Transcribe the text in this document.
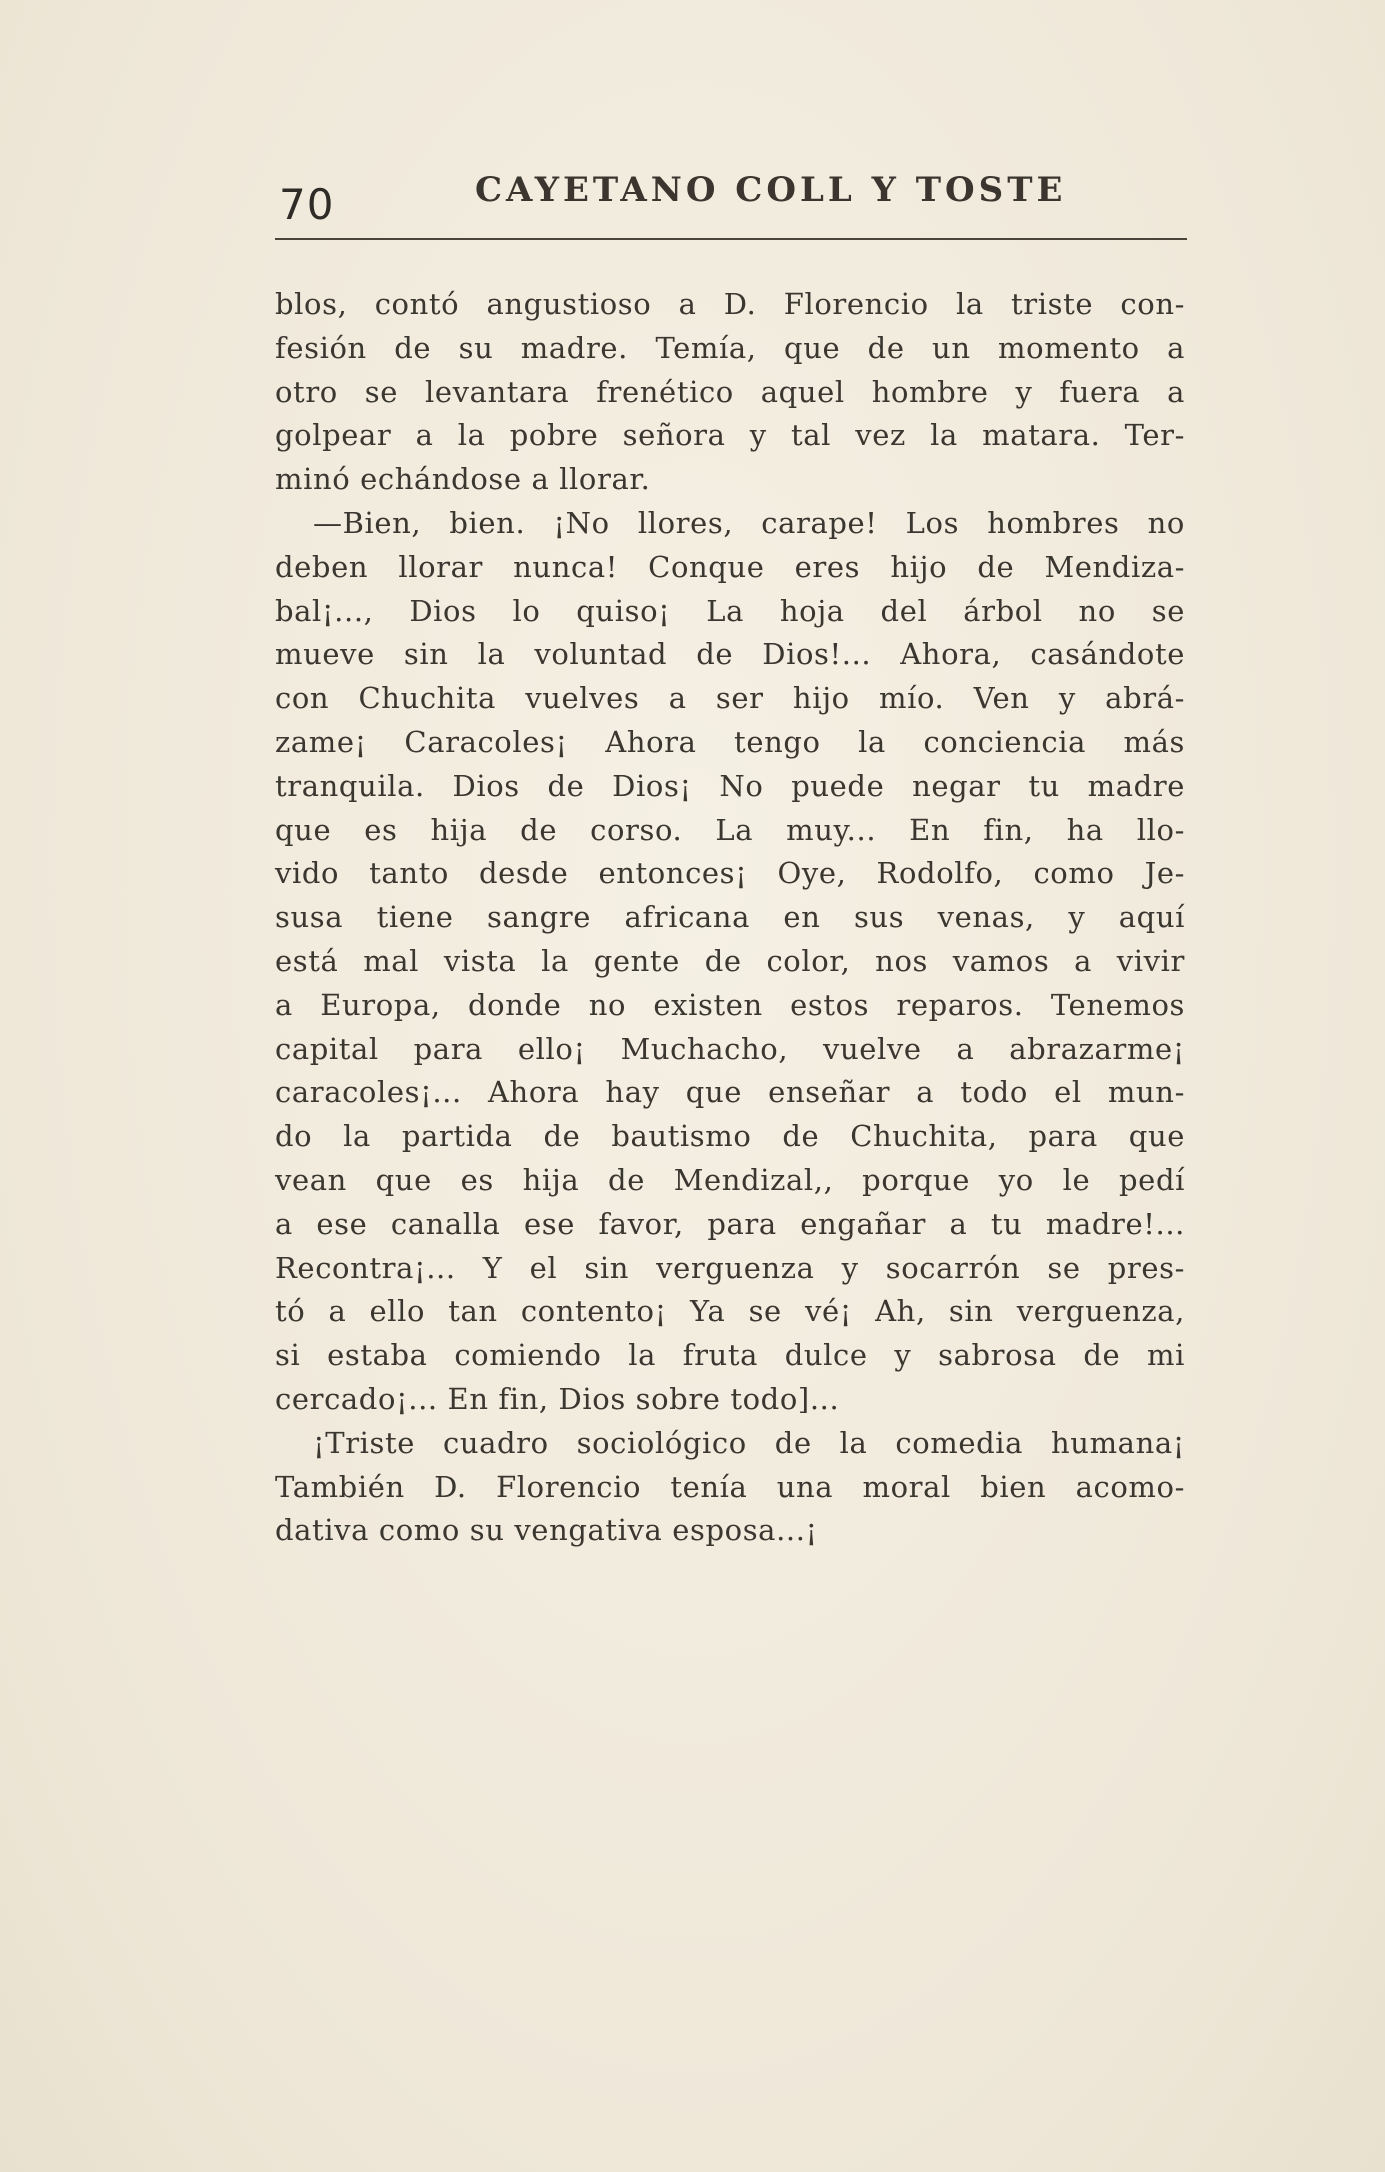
70	CAYETANO COLL Y TOSTE
blos, contó angustioso a D. Florencio la triste con-
fesión de su madre. Temía, que de un momento a
otro se levantara frenético aquel hombre y fuera a
golpear a la pobre señora y tal vez la matara. Ter-
minó echándose a llorar.
—Bien, bien. ¡No llores, carape! Los hombres no
deben llorar nunca! Conque eres hijo de Mendiza-
bal¡..., Dios lo quiso¡ La hoja del árbol no se
mueve sin la voluntad de Dios!... Ahora, casándote
con Chuchita vuelves a ser hijo mío. Ven y abrá-
zame¡ Caracoles¡ Ahora tengo la conciencia más
tranquila. Dios de Dios¡ No puede negar tu madre
que es hija de corso. La muy... En fin, ha llo-
vido tanto desde entonces¡ Oye, Rodolfo, como Je-
susa tiene sangre africana en sus venas, y aquí
está mal vista la gente de color, nos vamos a vivir
a Europa, donde no existen estos reparos. Tenemos
capital para ello¡ Muchacho, vuelve a abrazarme¡
caracoles¡... Ahora hay que enseñar a todo el mun-
do la partida de bautismo de Chuchita, para que
vean que es hija de Mendizal,, porque yo le pedí
a ese canalla ese favor, para engañar a tu madre!...
Recontra¡... Y el sin verguenza y socarrón se pres-
tó a ello tan contento¡ Ya se vé¡ Ah, sin verguenza,
si estaba comiendo la fruta dulce y sabrosa de mi
cercado¡... En fin, Dios sobre todo]...
¡Triste cuadro sociológico de la comedia humana¡
También D. Florencio tenía una moral bien acomo-
dativa como su vengativa esposa...¡
